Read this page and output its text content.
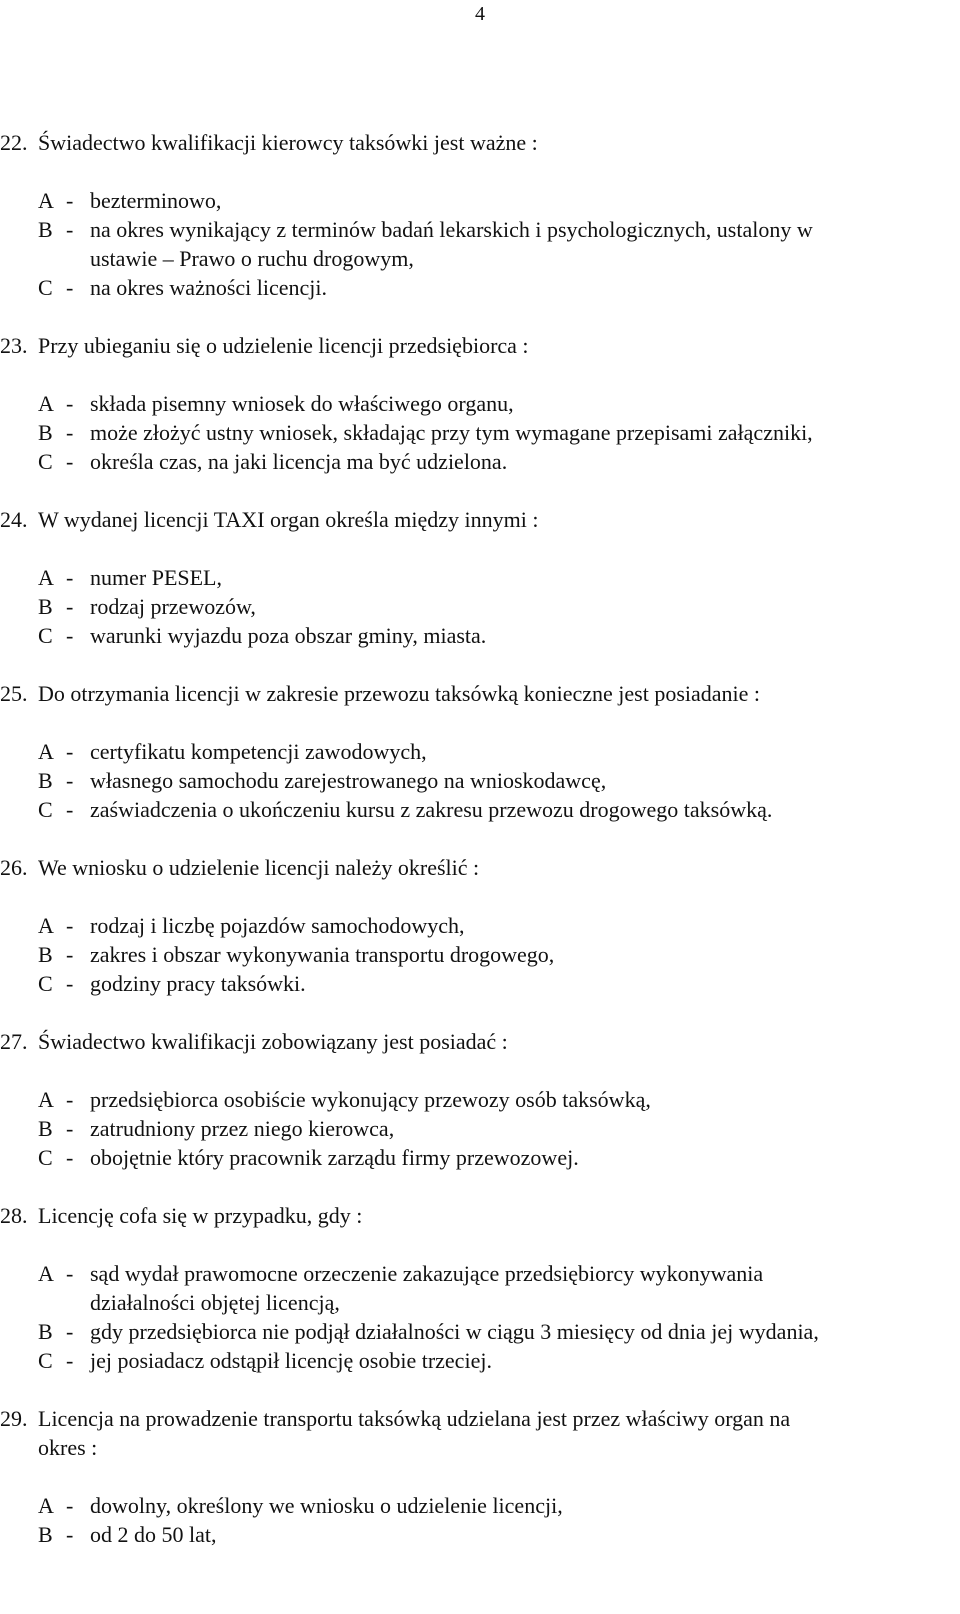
4
22. Świadectwo kwalifikacji kierowcy taksówki jest ważne :
A - bezterminowo,
B - na okres wynikający z terminów badań lekarskich i psychologicznych, ustalony w
ustawie – Prawo o ruchu drogowym,
C - na okres ważności licencji.
23. Przy ubieganiu się o udzielenie licencji przedsiębiorca :
A - składa pisemny wniosek do właściwego organu,
B - może złożyć ustny wniosek, składając przy tym wymagane przepisami załączniki,
C - określa czas, na jaki licencja ma być udzielona.
24. W wydanej licencji TAXI organ określa między innymi :
A - numer PESEL,
B - rodzaj przewozów,
C - warunki wyjazdu poza obszar gminy, miasta.
25. Do otrzymania licencji w zakresie przewozu taksówką konieczne jest posiadanie :
A - certyfikatu kompetencji zawodowych,
B - własnego samochodu zarejestrowanego na wnioskodawcę,
C - zaświadczenia o ukończeniu kursu z zakresu przewozu drogowego taksówką.
26. We wniosku o udzielenie licencji należy określić :
A - rodzaj i liczbę pojazdów samochodowych,
B - zakres i obszar wykonywania transportu drogowego,
C - godziny pracy taksówki.
27. Świadectwo kwalifikacji zobowiązany jest posiadać :
A - przedsiębiorca osobiście wykonujący przewozy osób taksówką,
B - zatrudniony przez niego kierowca,
C - obojętnie który pracownik zarządu firmy przewozowej.
28. Licencję cofa się w przypadku, gdy :
A - sąd wydał prawomocne orzeczenie zakazujące przedsiębiorcy wykonywania
działalności objętej licencją,
B - gdy przedsiębiorca nie podjął działalności w ciągu 3 miesięcy od dnia jej wydania,
C - jej posiadacz odstąpił licencję osobie trzeciej.
29. Licencja na prowadzenie transportu taksówką udzielana jest przez właściwy organ na
okres :
A - dowolny, określony we wniosku o udzielenie licencji,
B - od 2 do 50 lat,
